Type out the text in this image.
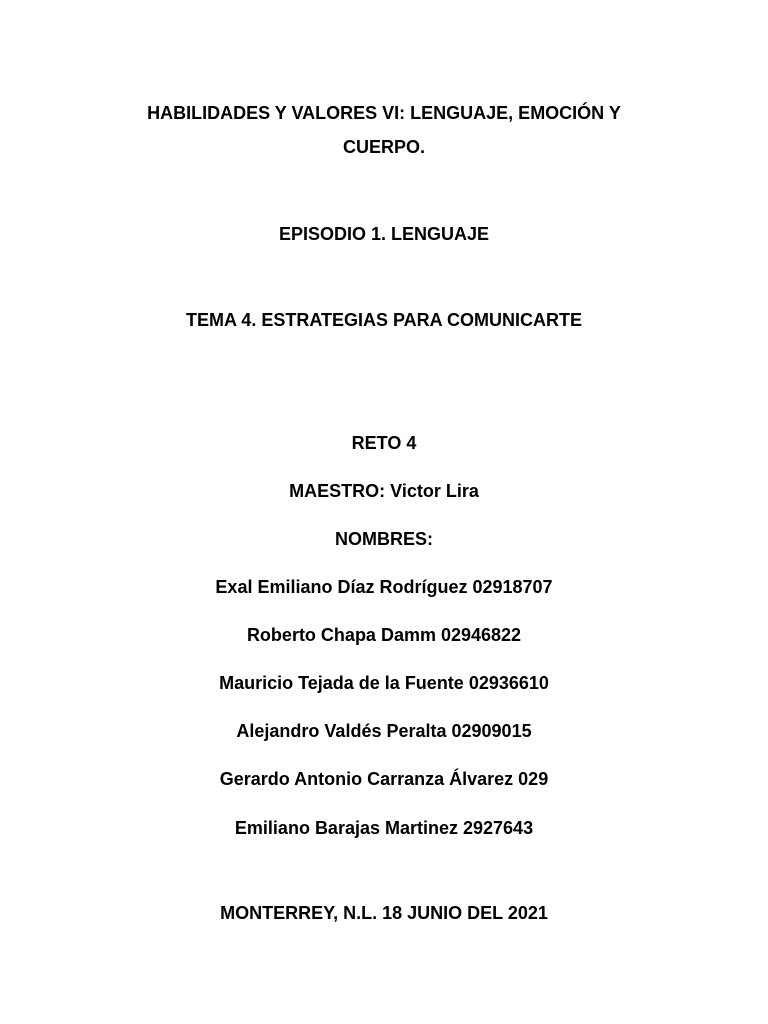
HABILIDADES Y VALORES VI: LENGUAJE, EMOCIÓN Y
CUERPO.
EPISODIO 1. LENGUAJE
TEMA 4. ESTRATEGIAS PARA COMUNICARTE
RETO 4
MAESTRO: Victor Lira
NOMBRES:
Exal Emiliano Díaz Rodríguez 02918707
Roberto Chapa Damm 02946822
Mauricio Tejada de la Fuente 02936610
Alejandro Valdés Peralta 02909015
Gerardo Antonio Carranza Álvarez 029
Emiliano Barajas Martinez 2927643
MONTERREY, N.L. 18 JUNIO DEL 2021
